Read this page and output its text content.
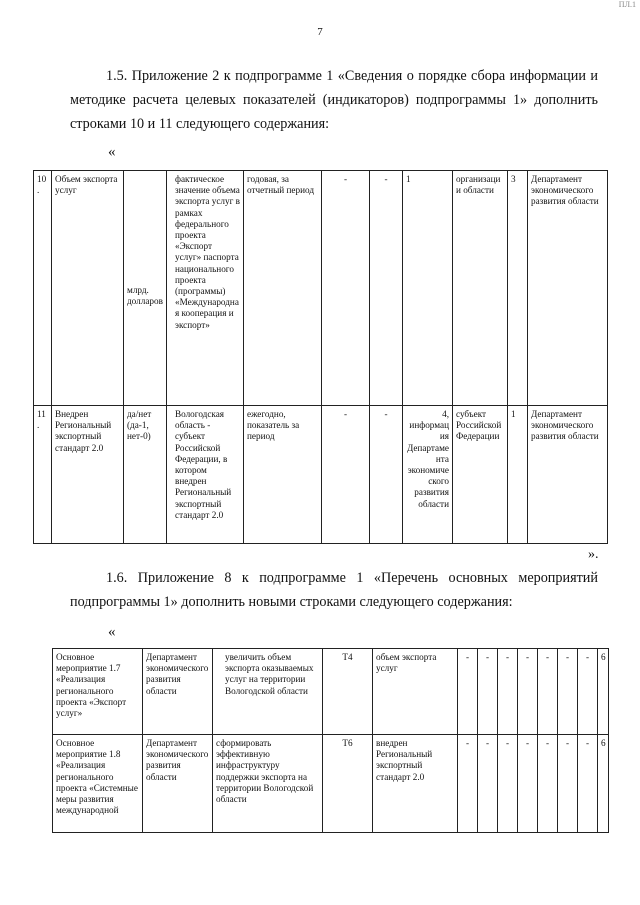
ПЛ.1
7

1.5. Приложение 2 к подпрограмме 1 «Сведения о порядке сбора информации и методике расчета целевых показателей (индикаторов) подпрограммы 1» дополнить строками 10 и 11 следующего содержания:

«
10.	Объем экспорта услуг	млрд. долларов	фактическое значение объема экспорта услуг в рамках федерального проекта «Экспорт услуг» паспорта национального проекта (программы) «Международная кооперация и экспорт»	годовая, за отчетный период	-	-	1	организации области	3	Департамент экономического развития области
11.	Внедрен Региональный экспортный стандарт 2.0	да/нет (да-1, нет-0)	Вологодская область - субъект Российской Федерации, в котором внедрен Региональный экспортный стандарт 2.0	ежегодно, показатель за период	-	-	4, информация Департамента экономического развития области	субъект Российской Федерации	1	Департамент экономического развития области
».

1.6. Приложение 8 к подпрограмме 1 «Перечень основных мероприятий подпрограммы 1» дополнить новыми строками следующего содержания:

«
Основное мероприятие 1.7 «Реализация регионального проекта «Экспорт услуг»	Департамент экономического развития области	увеличить объем экспорта оказываемых услуг на территории Вологодской области	Т4	объем экспорта услуг	-	-	-	-	-	-	-	6
Основное мероприятие 1.8 «Реализация регионального проекта «Системные меры развития международной	Департамент экономического развития области	сформировать эффективную инфраструктуру поддержки экспорта на территории Вологодской области	Т6	внедрен Региональный экспортный стандарт 2.0	-	-	-	-	-	-	-	6
